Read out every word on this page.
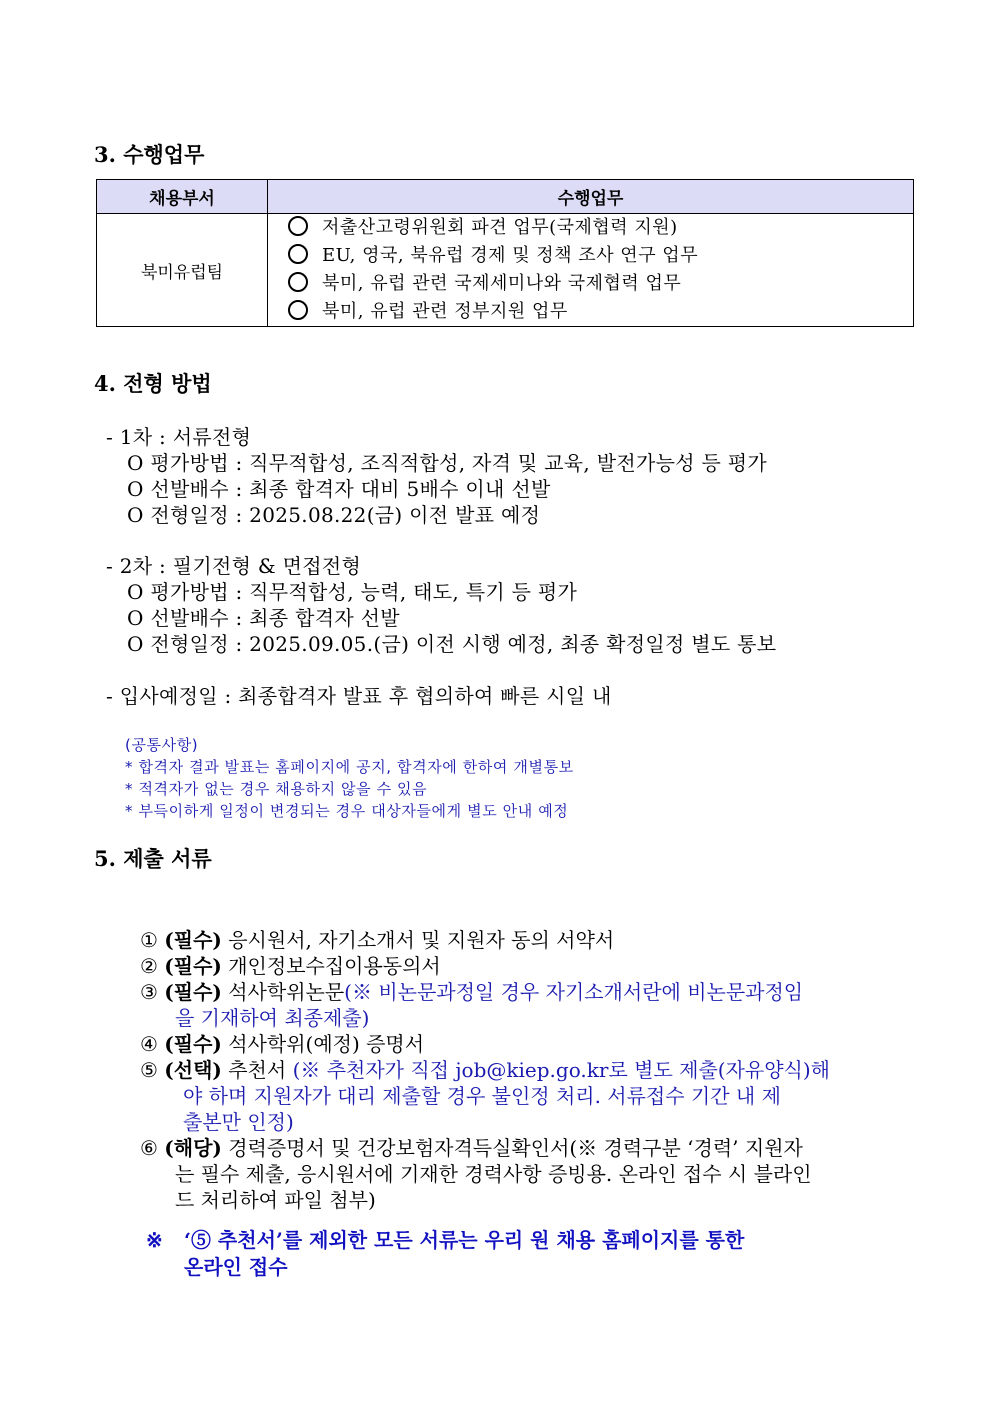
3. 수행업무
채용부서	수행업무
북미유럽팀	저출산고령위원회 파견 업무(국제협력 지원)
EU, 영국, 북유럽 경제 및 정책 조사 연구 업무
북미, 유럽 관련 국제세미나와 국제협력 업무
북미, 유럽 관련 정부지원 업무
4. 전형 방법
- 1차 : 서류전형
O 평가방법 : 직무적합성, 조직적합성, 자격 및 교육, 발전가능성 등 평가
O 선발배수 : 최종 합격자 대비 5배수 이내 선발
O 전형일정 : 2025.08.22(금) 이전 발표 예정
- 2차 : 필기전형 & 면접전형
O 평가방법 : 직무적합성, 능력, 태도, 특기 등 평가
O 선발배수 : 최종 합격자 선발
O 전형일정 : 2025.09.05.(금) 이전 시행 예정, 최종 확정일정 별도 통보
- 입사예정일 : 최종합격자 발표 후 협의하여 빠른 시일 내
(공통사항)
* 합격자 결과 발표는 홈페이지에 공지, 합격자에 한하여 개별통보
* 적격자가 없는 경우 채용하지 않을 수 있음
* 부득이하게 일정이 변경되는 경우 대상자들에게 별도 안내 예정
5. 제출 서류
① (필수) 응시원서, 자기소개서 및 지원자 동의 서약서
② (필수) 개인정보수집이용동의서
③ (필수) 석사학위논문(※ 비논문과정일 경우 자기소개서란에 비논문과정임
을 기재하여 최종제출)
④ (필수) 석사학위(예정) 증명서
⑤ (선택) 추천서 (※ 추천자가 직접 job@kiep.go.kr로 별도 제출(자유양식)해
야 하며 지원자가 대리 제출할 경우 불인정 처리. 서류접수 기간 내 제
출본만 인정)
⑥ (해당) 경력증명서 및 건강보험자격득실확인서(※ 경력구분 ‘경력’ 지원자
는 필수 제출, 응시원서에 기재한 경력사항 증빙용. 온라인 접수 시 블라인
드 처리하여 파일 첨부)
※ ‘⑤ 추천서’를 제외한 모든 서류는 우리 원 채용 홈페이지를 통한
온라인 접수
